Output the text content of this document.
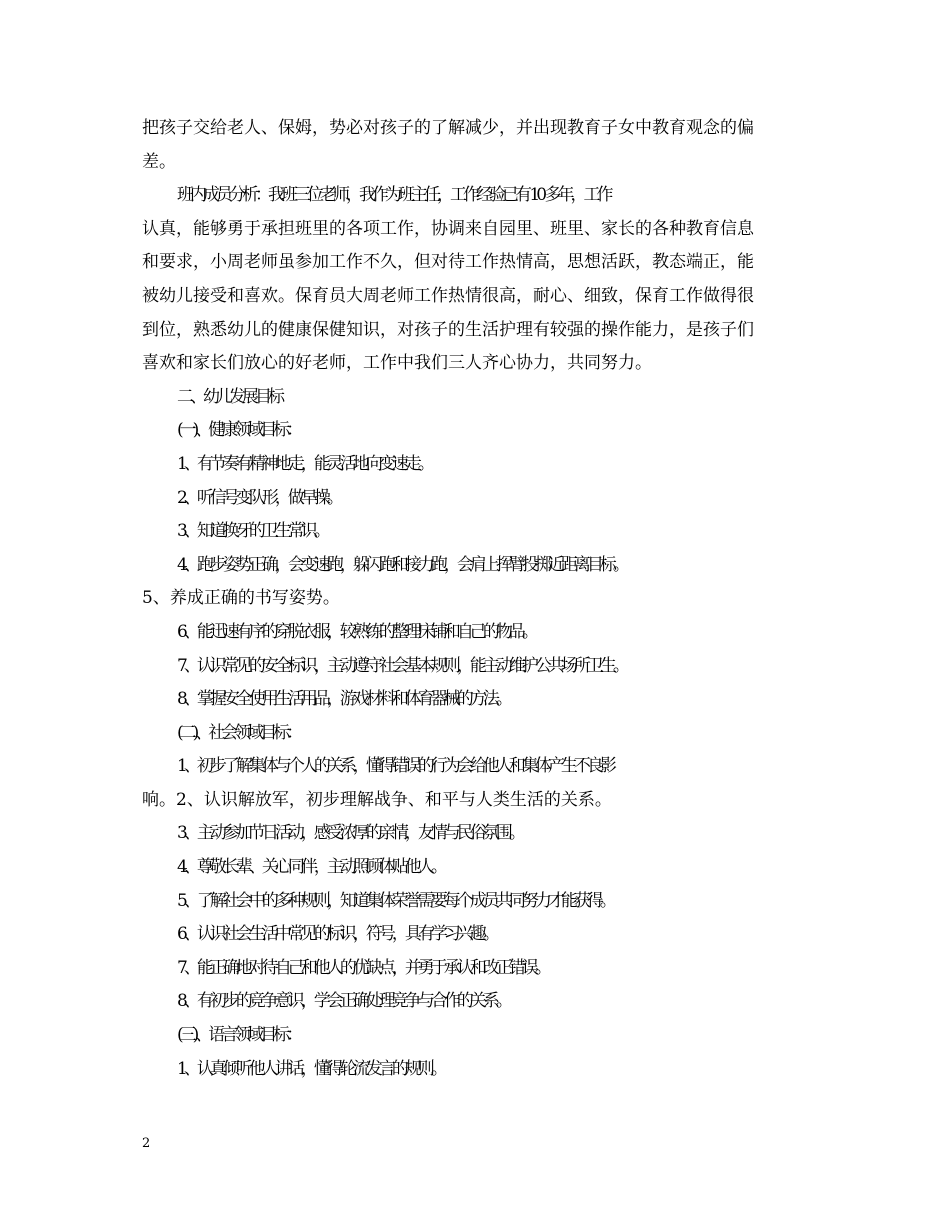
把孩子交给老人、保姆，势必对孩子的了解减少，并出现教育子女中教育观念的偏

差。

班内成员分析：我班三位老师，我作为班主任，工作经验已有 10 多年，工作

认真，能够勇于承担班里的各项工作，协调来自园里、班里、家长的各种教育信息

和要求，小周老师虽参加工作不久，但对待工作热情高，思想活跃，教态端正，能

被幼儿接受和喜欢。保育员大周老师工作热情很高，耐心、细致，保育工作做得很

到位，熟悉幼儿的健康保健知识，对孩子的生活护理有较强的操作能力，是孩子们

喜欢和家长们放心的好老师，工作中我们三人齐心协力，共同努力。

二、幼儿发展目标

(一)、健康领域目标：

1、有节奏有精神地走，能灵活地向变速走。

2、听信号变队形，做早操。

3、知道换牙的卫生常识。

4、跑步姿势正确，会变速跑，躲闪跑和接力跑，会肩上挥臂投掷近距离目标。

5、养成正确的书写姿势。

6、能迅速有序的穿脱衣服，较熟练的整理床铺和自己的物品。

7、认识常见的安全标识，主动遵守社会基本规则，能主动维护公共场所卫生。

8、掌握安全使用生活用品，游戏材料和体育器械的方法。

(二)、社会领域目标：

1、初步了解集体与个人的关系，懂得错误的行为会给他人和集体产生不良影

响。2、认识解放军，初步理解战争、和平与人类生活的关系。

3、主动参加节日活动，感受浓厚的亲情，友情与民俗氛围。

4、尊敬长辈、关心同伴，主动照顾体贴他人。

5、了解社会中的多种规则，知道集体荣誉需要每个成员共同努力才能获得。

6、认识社会生活中常见的标识，符号，具有学习兴趣。

7、能正确地对待自己和他人的优缺点，并勇于承认和改正错误。

8、有初步的竞争意识，学会正确处理竞争与合作的关系。

(三)、语言领域目标：

1、认真倾听他人讲话，懂得轮流发言的规则。

2
